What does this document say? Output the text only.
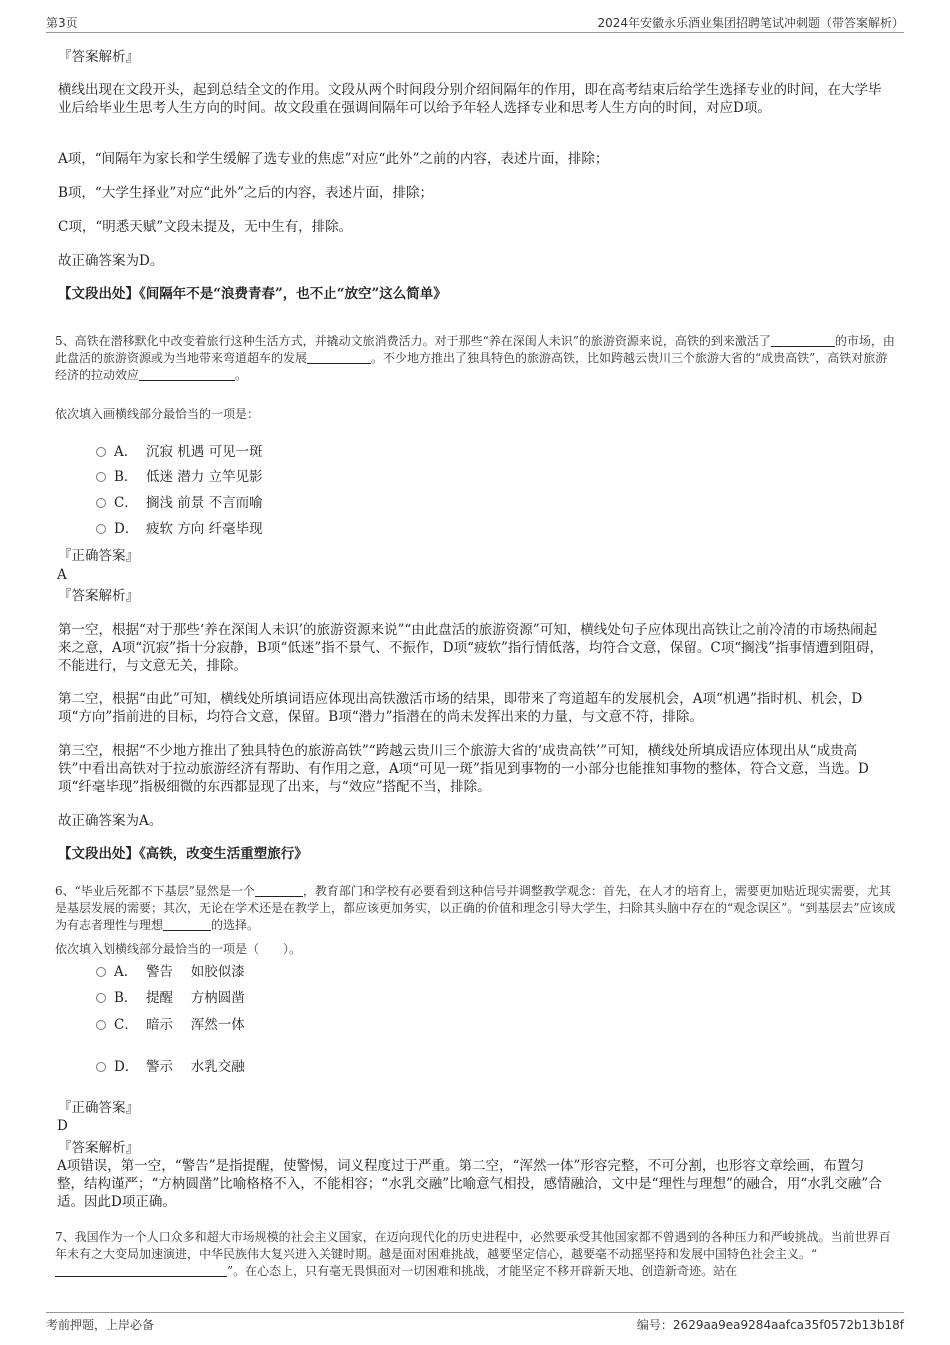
第3页	2024年安徽永乐酒业集团招聘笔试冲刺题（带答案解析）
『答案解析』
横线出现在文段开头，起到总结全文的作用。文段从两个时间段分别介绍间隔年的作用，即在高考结束后给学生选择专业的时间，在大学毕业后给毕业生思考人生方向的时间。故文段重在强调间隔年可以给予年轻人选择专业和思考人生方向的时间，对应D项。
A项，“间隔年为家长和学生缓解了选专业的焦虑”对应“此外”之前的内容，表述片面，排除；
B项，“大学生择业”对应“此外”之后的内容，表述片面，排除；
C项，“明悉天赋”文段未提及，无中生有，排除。
故正确答案为D。
【文段出处】《间隔年不是“浪费青春”，也不止“放空”这么简单》
5、高铁在潜移默化中改变着旅行这种生活方式，并撬动文旅消费活力。对于那些“养在深闺人未识”的旅游资源来说，高铁的到来激活了	的市场，由此盘活的旅游资源或为当地带来弯道超车的发展	。不少地方推出了独具特色的旅游高铁，比如跨越云贵川三个旅游大省的“成贵高铁”，高铁对旅游经济的拉动效应	。
依次填入画横线部分最恰当的一项是：
A． 沉寂 机遇 可见一斑
B． 低迷 潜力 立竿见影
C． 搁浅 前景 不言而喻
D． 疲软 方向 纤毫毕现
『正确答案』
A
『答案解析』
第一空，根据“对于那些‘养在深闺人未识’的旅游资源来说”“由此盘活的旅游资源”可知，横线处句子应体现出高铁让之前冷清的市场热闹起来之意，A项“沉寂”指十分寂静，B项“低迷”指不景气、不振作，D项“疲软”指行情低落，均符合文意，保留。C项“搁浅”指事情遭到阻碍，不能进行，与文意无关，排除。
第二空，根据“由此”可知，横线处所填词语应体现出高铁激活市场的结果，即带来了弯道超车的发展机会，A项“机遇”指时机、机会，D项“方向”指前进的目标，均符合文意，保留。B项“潜力”指潜在的尚未发挥出来的力量，与文意不符，排除。
第三空，根据“不少地方推出了独具特色的旅游高铁”“跨越云贵川三个旅游大省的‘成贵高铁’”可知，横线处所填成语应体现出从“成贵高铁”中看出高铁对于拉动旅游经济有帮助、有作用之意，A项“可见一斑”指见到事物的一小部分也能推知事物的整体，符合文意，当选。D项“纤毫毕现”指极细微的东西都显现了出来，与“效应”搭配不当，排除。
故正确答案为A。
【文段出处】《高铁，改变生活重塑旅行》
6、“毕业后死都不下基层”显然是一个	，教育部门和学校有必要看到这种信号并调整教学观念：首先，在人才的培育上，需要更加贴近现实需要，尤其是基层发展的需要；其次，无论在学术还是在教学上，都应该更加务实，以正确的价值和理念引导大学生，扫除其头脑中存在的“观念误区”。“到基层去”应该成为有志者理性与理想	的选择。
依次填入划横线部分最恰当的一项是（　　）。
A． 警告　 如胶似漆
B． 提醒　 方枘圆凿
C． 暗示　 浑然一体
D． 警示　 水乳交融
『正确答案』
D
『答案解析』
A项错误，第一空，“警告”是指提醒，使警惕，词义程度过于严重。第二空，“浑然一体”形容完整，不可分割，也形容文章绘画，布置匀整，结构谨严；“方枘圆凿”比喻格格不入，不能相容；“水乳交融”比喻意气相投，感情融洽，文中是“理性与理想”的融合，用“水乳交融”合适。因此D项正确。
7、我国作为一个人口众多和超大市场规模的社会主义国家，在迈向现代化的历史进程中，必然要承受其他国家都不曾遇到的各种压力和严峻挑战。当前世界百年未有之大变局加速演进，中华民族伟大复兴进入关键时期。越是面对困难挑战，越要坚定信心，越要毫不动摇坚持和发展中国特色社会主义。“”。在心态上，只有毫无畏惧面对一切困难和挑战，才能坚定不移开辟新天地、创造新奇迹。站在
考前押题，上岸必备	编号：2629aa9ea9284aafca35f0572b13b18f
